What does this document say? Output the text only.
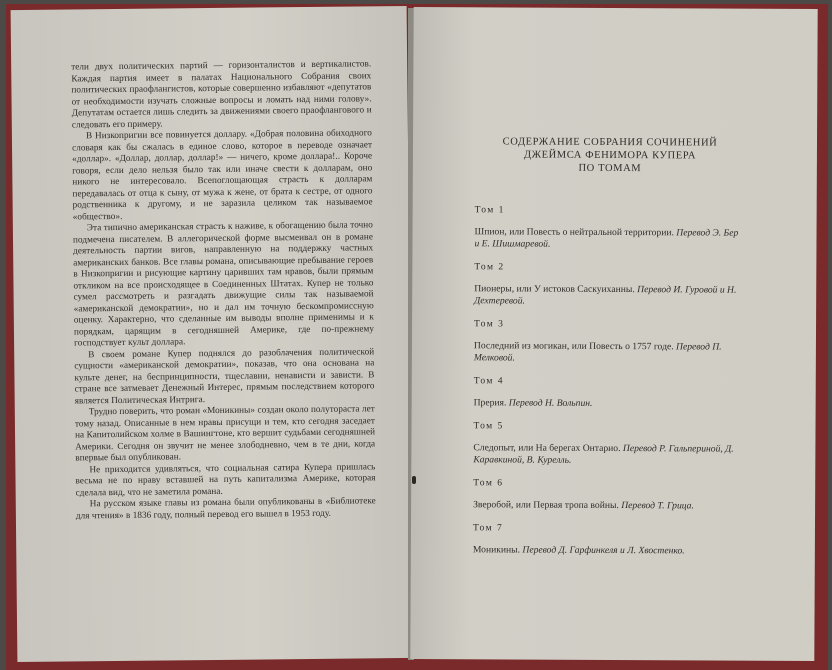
тели двух политических партий — горизонталистов и вертикалистов. Каждая партия имеет в палатах Национального Собрания своих политических праофлангистов, которые совершенно избавляют «депутатов от необходимости изучать сложные вопросы и ломать над ними голову». Депутатам остается лишь следить за движениями своего праофлангового и следовать его примеру.

В Низкопригии все повинуется доллару. «Добрая половина обиходного словаря как бы сжалась в единое слово, которое в переводе означает «доллар». «Доллар, доллар, доллар!» — ничего, кроме доллара!.. Короче говоря, если дело нельзя было так или иначе свести к долларам, оно никого не интересовало. Всепоглощающая страсть к долларам передавалась от отца к сыну, от мужа к жене, от брата к сестре, от одного родственника к другому, и не заразила целиком так называемое «общество».

Эта типично американская страсть к наживе, к обогащению была точно подмечена писателем. В аллегорической форме высмеивал он в романе деятельность партии вигов, направленную на поддержку частных американских банков. Все главы романа, описывающие пребывание героев в Низкопригии и рисующие картину царивших там нравов, были прямым откликом на все происходящее в Соединенных Штатах. Купер не только сумел рассмотреть и разгадать движущие силы так называемой «американской демократии», но и дал им точную бескомпромиссную оценку. Характерно, что сделанные им выводы вполне применимы и к порядкам, царящим в сегодняшней Америке, где по-прежнему господствует культ доллара.

В своем романе Купер поднялся до разоблачения политической сущности «американской демократии», показав, что она основана на культе денег, на беспринципности, тщеславии, ненависти и зависти. В стране все затмевает Денежный Интерес, прямым последствием которого является Политическая Интрига.

Трудно поверить, что роман «Моникины» создан около полутораста лет тому назад. Описанные в нем нравы присущи и тем, кто сегодня заседает на Капитолийском холме в Вашингтоне, кто вершит судьбами сегодняшней Америки. Сегодня он звучит не менее злободневно, чем в те дни, когда впервые был опубликован.

Не приходится удивляться, что социальная сатира Купера пришлась весьма не по нраву вставшей на путь капитализма Америке, которая сделала вид, что не заметила романа.

На русском языке главы из романа были опубликованы в «Библиотеке для чтения» в 1836 году, полный перевод его вышел в 1953 году.

СОДЕРЖАНИЕ СОБРАНИЯ СОЧИНЕНИЙ
ДЖЕЙМСА ФЕНИМОРА КУПЕРА
ПО ТОМАМ
Том 1
Шпион, или Повесть о нейтральной территории. Перевод Э. Бер и Е. Шишмаревой.
Том 2
Пионеры, или У истоков Саскуиханны. Перевод И. Гуровой и Н. Дехтеревой.
Том 3
Последний из могикан, или Повесть о 1757 годе. Перевод П. Мелковой.
Том 4
Прерия. Перевод Н. Вольпин.
Том 5
Следопыт, или На берегах Онтарио. Перевод Р. Гальпериной, Д. Каравкиной, В. Курелль.
Том 6
Зверобой, или Первая тропа войны. Перевод Т. Грица.
Том 7
Моникины. Перевод Д. Гарфинкеля и Л. Хвостенко.
